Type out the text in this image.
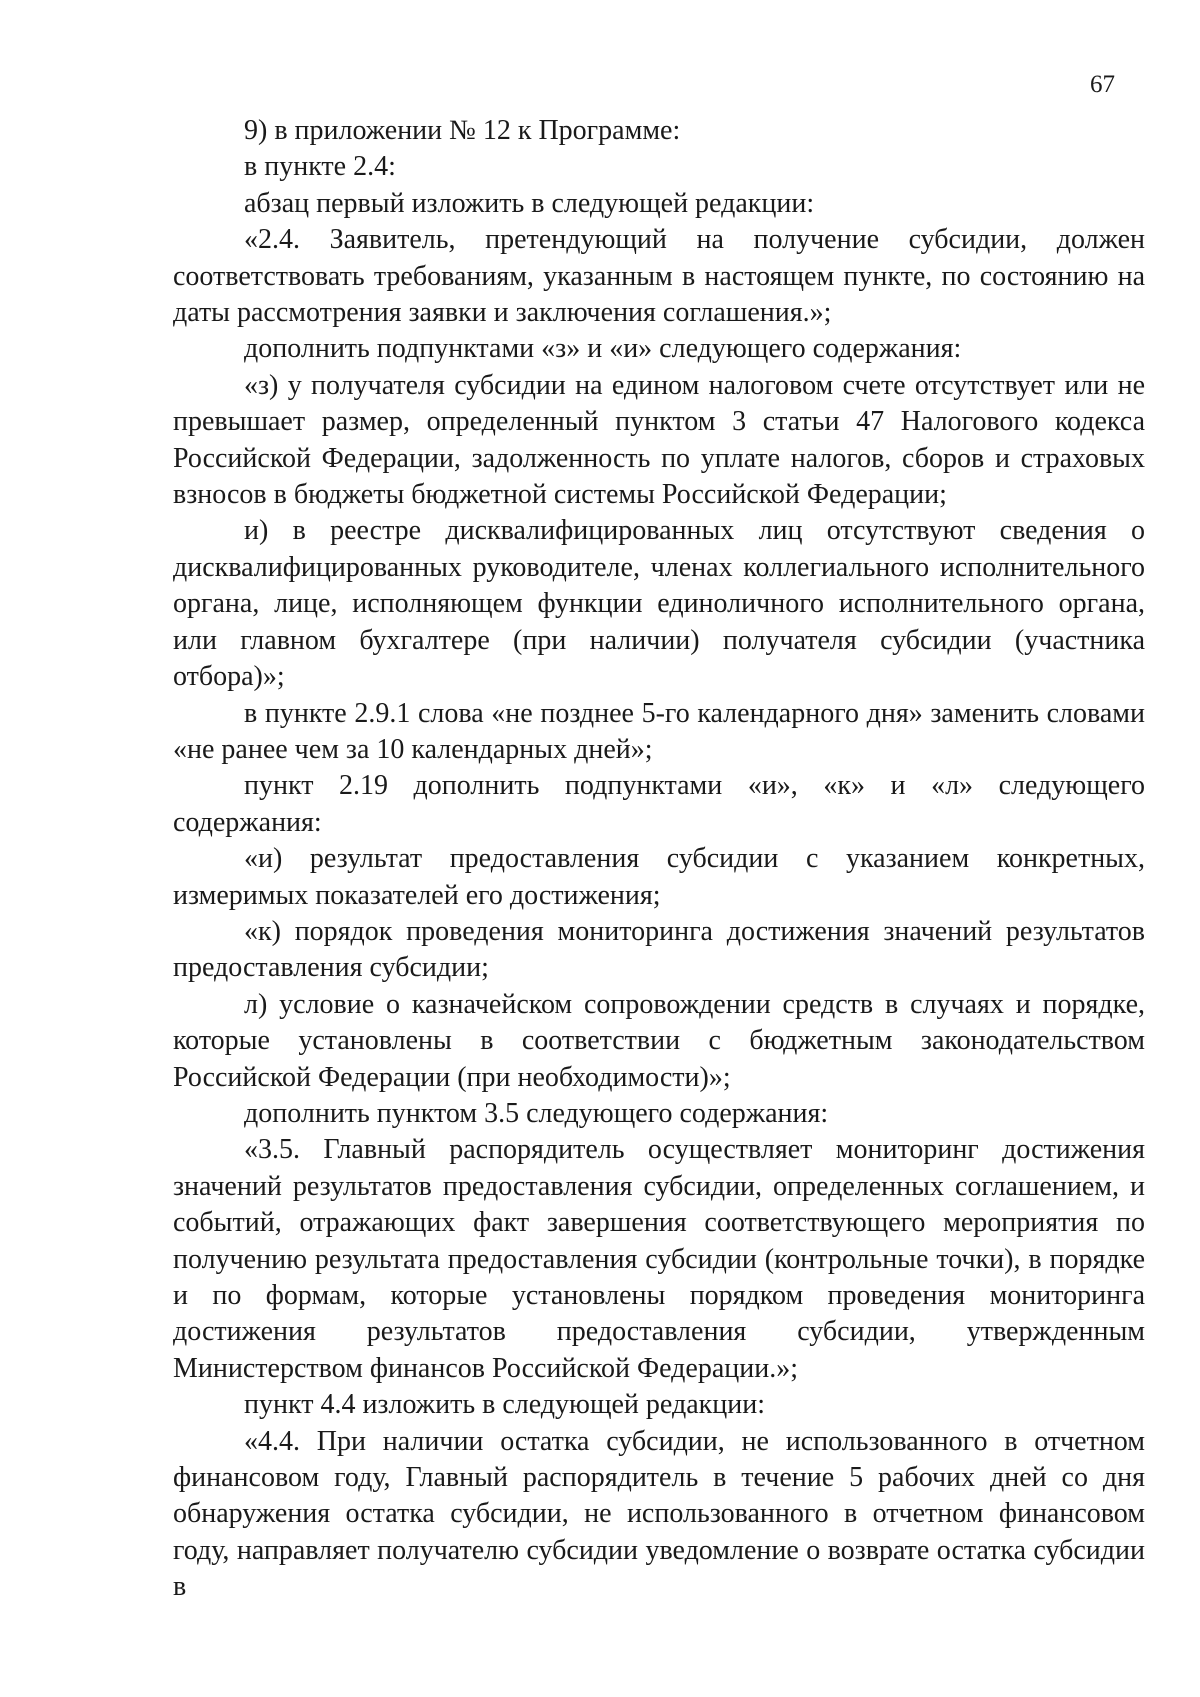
67

9) в приложении № 12 к Программе:

в пункте 2.4:

абзац первый изложить в следующей редакции:

«2.4. Заявитель, претендующий на получение субсидии, должен соответствовать требованиям, указанным в настоящем пункте, по состоянию на даты рассмотрения заявки и заключения соглашения.»;

дополнить подпунктами «з» и «и» следующего содержания:

«з) у получателя субсидии на едином налоговом счете отсутствует или не превышает размер, определенный пунктом 3 статьи 47 Налогового кодекса Российской Федерации, задолженность по уплате налогов, сборов и страховых взносов в бюджеты бюджетной системы Российской Федерации;

и) в реестре дисквалифицированных лиц отсутствуют сведения о дисквалифицированных руководителе, членах коллегиального исполнительного органа, лице, исполняющем функции единоличного исполнительного органа, или главном бухгалтере (при наличии) получателя субсидии (участника отбора)»;

в пункте 2.9.1 слова «не позднее 5-го календарного дня» заменить словами «не ранее чем за 10 календарных дней»;

пункт 2.19 дополнить подпунктами «и», «к» и «л» следующего содержания:

«и) результат предоставления субсидии с указанием конкретных, измеримых показателей его достижения;

«к) порядок проведения мониторинга достижения значений результатов предоставления субсидии;

л) условие о казначейском сопровождении средств в случаях и порядке, которые установлены в соответствии с бюджетным законодательством Российской Федерации (при необходимости)»;

дополнить пунктом 3.5 следующего содержания:

«3.5. Главный распорядитель осуществляет мониторинг достижения значений результатов предоставления субсидии, определенных соглашением, и событий, отражающих факт завершения соответствующего мероприятия по получению результата предоставления субсидии (контрольные точки), в порядке и по формам, которые установлены порядком проведения мониторинга достижения результатов предоставления субсидии, утвержденным Министерством финансов Российской Федерации.»;

пункт 4.4 изложить в следующей редакции:

«4.4. При наличии остатка субсидии, не использованного в отчетном финансовом году, Главный распорядитель в течение 5 рабочих дней со дня обнаружения остатка субсидии, не использованного в отчетном финансовом году, направляет получателю субсидии уведомление о возврате остатка субсидии в
